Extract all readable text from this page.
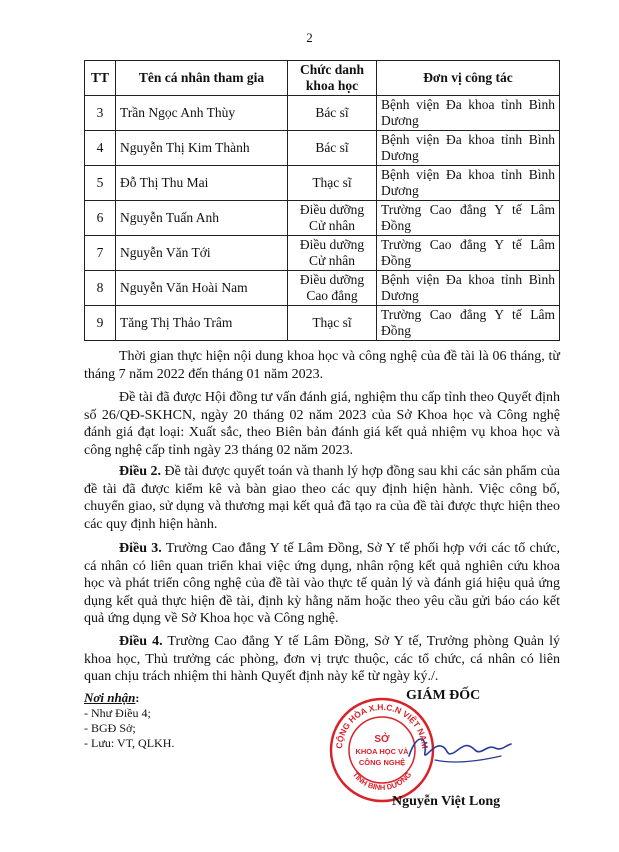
2
TT	Tên cá nhân tham gia	Chức danh khoa học	Đơn vị công tác
3	Trần Ngọc Anh Thùy	Bác sĩ	Bệnh viện Đa khoa tỉnh Bình Dương
4	Nguyễn Thị Kim Thành	Bác sĩ	Bệnh viện Đa khoa tỉnh Bình Dương
5	Đỗ Thị Thu Mai	Thạc sĩ	Bệnh viện Đa khoa tỉnh Bình Dương
6	Nguyễn Tuấn Anh	Điều dưỡng Cử nhân	Trường Cao đẳng Y tế Lâm Đồng
7	Nguyễn Văn Tới	Điều dưỡng Cử nhân	Trường Cao đẳng Y tế Lâm Đồng
8	Nguyễn Văn Hoài Nam	Điều dưỡng Cao đẳng	Bệnh viện Đa khoa tỉnh Bình Dương
9	Tăng Thị Thảo Trâm	Thạc sĩ	Trường Cao đẳng Y tế Lâm Đồng

Thời gian thực hiện nội dung khoa học và công nghệ của đề tài là 06 tháng, từ tháng 7 năm 2022 đến tháng 01 năm 2023.

Đề tài đã được Hội đồng tư vấn đánh giá, nghiệm thu cấp tỉnh theo Quyết định số 26/QĐ-SKHCN, ngày 20 tháng 02 năm 2023 của Sở Khoa học và Công nghệ đánh giá đạt loại: Xuất sắc, theo Biên bản đánh giá kết quả nhiệm vụ khoa học và công nghệ cấp tỉnh ngày 23 tháng 02 năm 2023.

Điều 2. Đề tài được quyết toán và thanh lý hợp đồng sau khi các sản phẩm của đề tài đã được kiểm kê và bàn giao theo các quy định hiện hành. Việc công bố, chuyển giao, sử dụng và thương mại kết quả đã tạo ra của đề tài được thực hiện theo các quy định hiện hành.

Điều 3. Trường Cao đẳng Y tế Lâm Đồng, Sở Y tế phối hợp với các tổ chức, cá nhân có liên quan triển khai việc ứng dụng, nhân rộng kết quả nghiên cứu khoa học và phát triển công nghệ của đề tài vào thực tế quản lý và đánh giá hiệu quả ứng dụng kết quả thực hiện đề tài, định kỳ hằng năm hoặc theo yêu cầu gửi báo cáo kết quả ứng dụng về Sở Khoa học và Công nghệ.

Điều 4. Trường Cao đẳng Y tế Lâm Đồng, Sở Y tế, Trưởng phòng Quản lý khoa học, Thủ trưởng các phòng, đơn vị trực thuộc, các tổ chức, cá nhân có liên quan chịu trách nhiệm thi hành Quyết định này kể từ ngày ký./.

Nơi nhận:
- Như Điều 4;
- BGĐ Sở;
- Lưu: VT, QLKH.
GIÁM ĐỐC
CỘNG HÒA X.H.C.N VIỆT NAM
TỈNH BÌNH DƯƠNG
SỞ
KHOA HỌC VÀ
CÔNG NGHỆ
Nguyễn Việt Long
